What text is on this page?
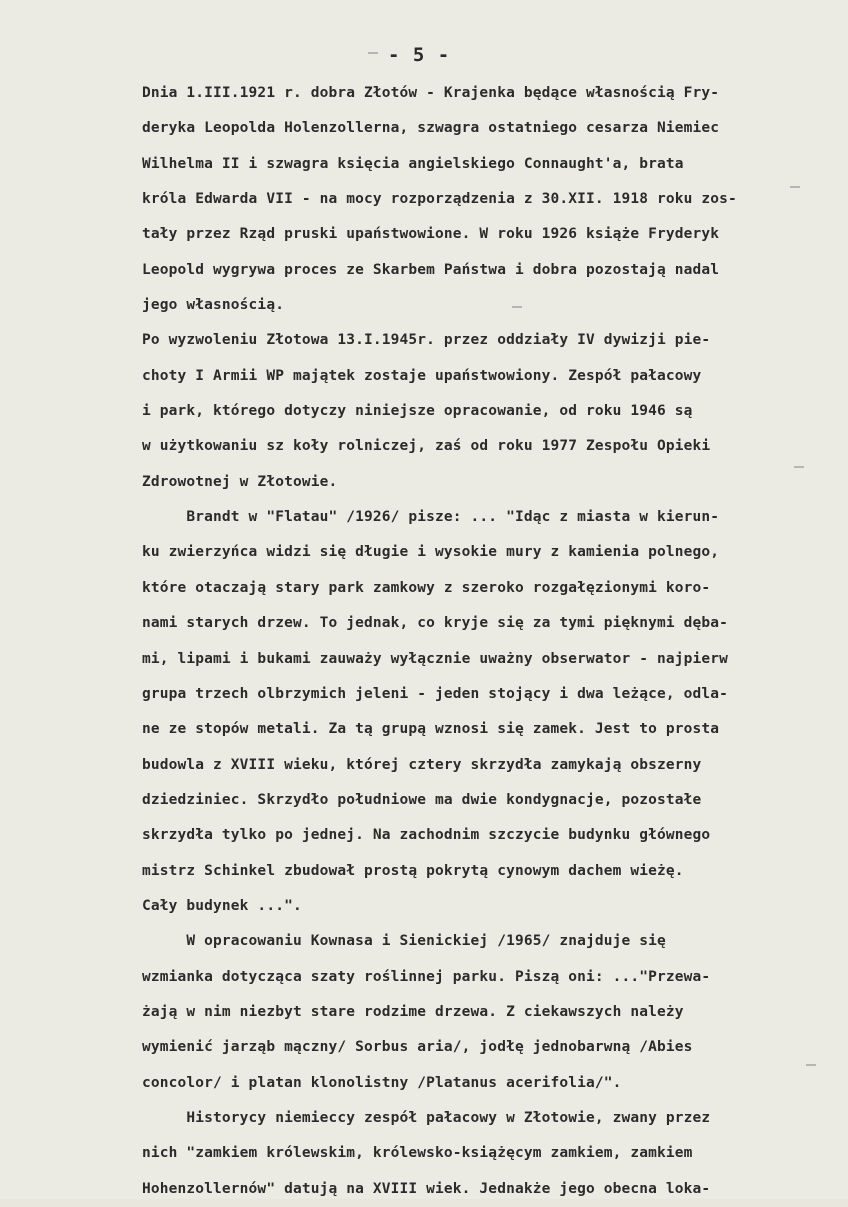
- 5 -
Dnia 1.III.1921 r. dobra Złotów - Krajenka będące własnością Fry-
deryka Leopolda Holenzollerna, szwagra ostatniego cesarza Niemiec
Wilhelma II i szwagra księcia angielskiego Connaught'a, brata
króla Edwarda VII - na mocy rozporządzenia z 30.XII. 1918 roku zos-
tały przez Rząd pruski upaństwowione. W roku 1926 książe Fryderyk
Leopold wygrywa proces ze Skarbem Państwa i dobra pozostają nadal
jego własnością.
Po wyzwoleniu Złotowa 13.I.1945r. przez oddziały IV dywizji pie-
choty I Armii WP majątek zostaje upaństwowiony. Zespół pałacowy
i park, którego dotyczy niniejsze opracowanie, od roku 1946 są
w użytkowaniu sz koły rolniczej, zaś od roku 1977 Zespołu Opieki
Zdrowotnej w Złotowie.
Brandt w "Flatau" /1926/ pisze: ... "Idąc z miasta w kierun-
ku zwierzyńca widzi się długie i wysokie mury z kamienia polnego,
które otaczają stary park zamkowy z szeroko rozgałęzionymi koro-
nami starych drzew. To jednak, co kryje się za tymi pięknymi dęba-
mi, lipami i bukami zauważy wyłącznie uważny obserwator - najpierw
grupa trzech olbrzymich jeleni - jeden stojący i dwa leżące, odla-
ne ze stopów metali. Za tą grupą wznosi się zamek. Jest to prosta
budowla z XVIII wieku, której cztery skrzydła zamykają obszerny
dziedziniec. Skrzydło południowe ma dwie kondygnacje, pozostałe
skrzydła tylko po jednej. Na zachodnim szczycie budynku głównego
mistrz Schinkel zbudował prostą pokrytą cynowym dachem wieżę.
Cały budynek ...".
W opracowaniu Kownasa i Sienickiej /1965/ znajduje się
wzmianka dotycząca szaty roślinnej parku. Piszą oni: ..."Przewa-
żają w nim niezbyt stare rodzime drzewa. Z ciekawszych należy
wymienić jarząb mączny/ Sorbus aria/, jodłę jednobarwną /Abies
concolor/ i platan klonolistny /Platanus acerifolia/".
Historycy niemieccy zespół pałacowy w Złotowie, zwany przez
nich "zamkiem królewskim, królewsko-książęcym zamkiem, zamkiem
Hohenzollernów" datują na XVIII wiek. Jednakże jego obecna loka-
